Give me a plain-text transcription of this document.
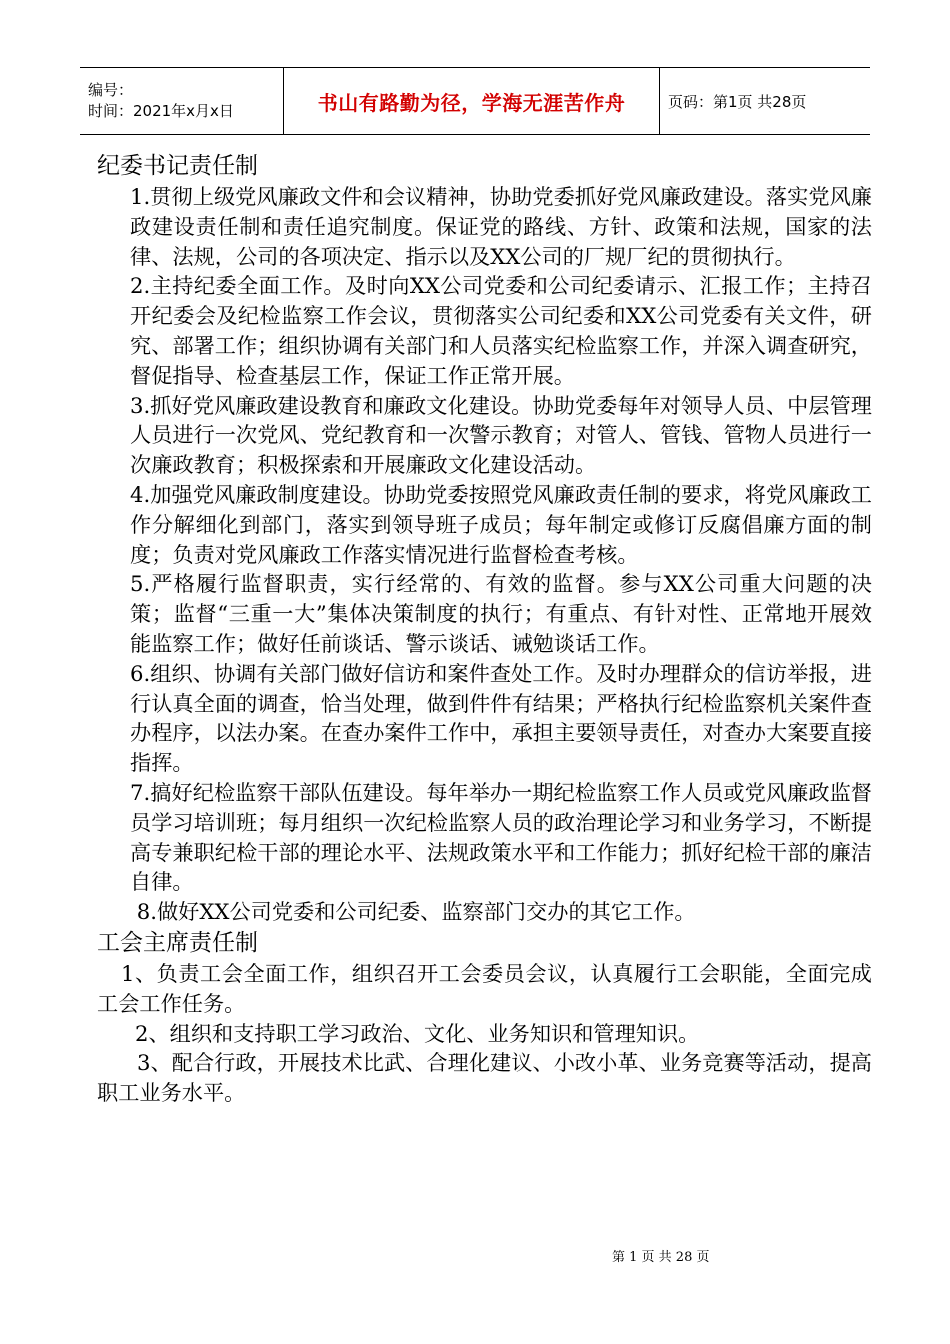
编号：
时间：2021年x月x日	书山有路勤为径，学海无涯苦作舟	页码：第1页 共28页
纪委书记责任制

1.贯彻上级党风廉政文件和会议精神，协助党委抓好党风廉政建设。落实党风廉政建设责任制和责任追究制度。保证党的路线、方针、政策和法规，国家的法律、法规，公司的各项决定、指示以及XX公司的厂规厂纪的贯彻执行。

2.主持纪委全面工作。及时向XX公司党委和公司纪委请示、汇报工作；主持召开纪委会及纪检监察工作会议，贯彻落实公司纪委和XX公司党委有关文件，研究、部署工作；组织协调有关部门和人员落实纪检监察工作，并深入调查研究，督促指导、检查基层工作，保证工作正常开展。

3.抓好党风廉政建设教育和廉政文化建设。协助党委每年对领导人员、中层管理人员进行一次党风、党纪教育和一次警示教育；对管人、管钱、管物人员进行一次廉政教育；积极探索和开展廉政文化建设活动。

4.加强党风廉政制度建设。协助党委按照党风廉政责任制的要求，将党风廉政工作分解细化到部门，落实到领导班子成员；每年制定或修订反腐倡廉方面的制度；负责对党风廉政工作落实情况进行监督检查考核。

5.严格履行监督职责，实行经常的、有效的监督。参与XX公司重大问题的决策；监督“三重一大”集体决策制度的执行；有重点、有针对性、正常地开展效能监察工作；做好任前谈话、警示谈话、诫勉谈话工作。

6.组织、协调有关部门做好信访和案件查处工作。及时办理群众的信访举报，进行认真全面的调查，恰当处理，做到件件有结果；严格执行纪检监察机关案件查办程序，以法办案。在查办案件工作中，承担主要领导责任，对查办大案要直接指挥。

7.搞好纪检监察干部队伍建设。每年举办一期纪检监察工作人员或党风廉政监督员学习培训班；每月组织一次纪检监察人员的政治理论学习和业务学习，不断提高专兼职纪检干部的理论水平、法规政策水平和工作能力；抓好纪检干部的廉洁自律。

8.做好XX公司党委和公司纪委、监察部门交办的其它工作。

工会主席责任制

1、负责工会全面工作，组织召开工会委员会议，认真履行工会职能，全面完成工会工作任务。

2、组织和支持职工学习政治、文化、业务知识和管理知识。

3、配合行政，开展技术比武、合理化建议、小改小革、业务竞赛等活动，提高职工业务水平。

第 1 页 共 28 页
